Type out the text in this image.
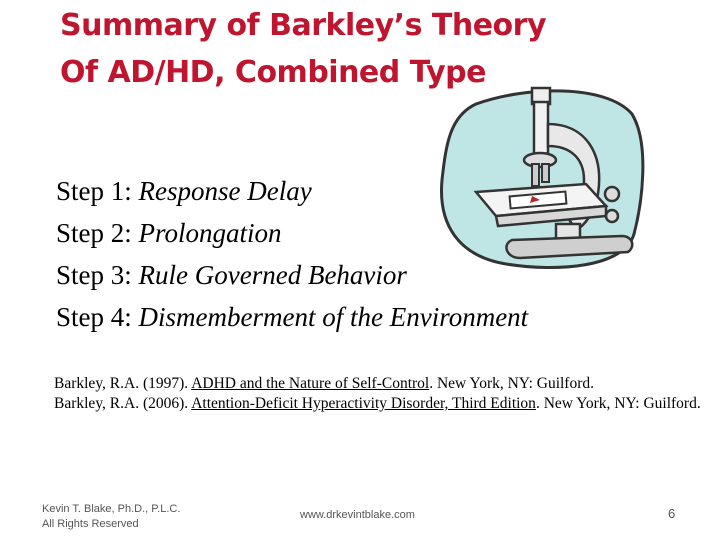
Summary of Barkley’s Theory
Of AD/HD, Combined Type
Step 1: Response Delay
Step 2: Prolongation
Step 3: Rule Governed Behavior
Step 4: Dismemberment of the Environment
Barkley, R.A. (1997). ADHD and the Nature of Self-Control. New York, NY: Guilford.
Barkley, R.A. (2006). Attention-Deficit Hyperactivity Disorder, Third Edition. New York, NY: Guilford.
Kevin T. Blake, Ph.D., P.L.C.
All Rights Reserved
www.drkevintblake.com	6
